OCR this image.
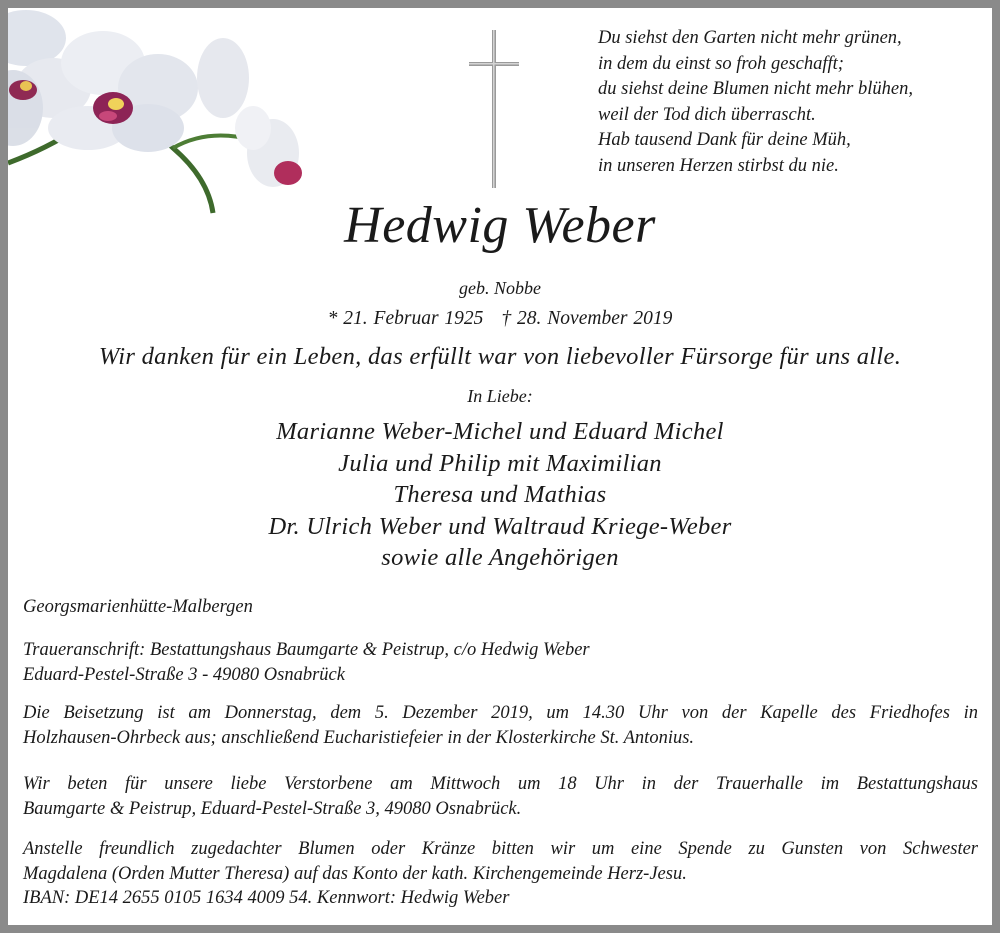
Du siehst den Garten nicht mehr grünen,
in dem du einst so froh geschafft;
du siehst deine Blumen nicht mehr blühen,
weil der Tod dich überrascht.
Hab tausend Dank für deine Müh,
in unseren Herzen stirbst du nie.
Hedwig Weber
geb. Nobbe
* 21. Februar 1925 † 28. November 2019
Wir danken für ein Leben, das erfüllt war von liebevoller Fürsorge für uns alle.
In Liebe:
Marianne Weber-Michel und Eduard Michel
Julia und Philip mit Maximilian
Theresa und Mathias
Dr. Ulrich Weber und Waltraud Kriege-Weber
sowie alle Angehörigen
Georgsmarienhütte-Malbergen
Traueranschrift: Bestattungshaus Baumgarte & Peistrup, c/o Hedwig Weber
Eduard-Pestel-Straße 3 - 49080 Osnabrück
Die Beisetzung ist am Donnerstag, dem 5. Dezember 2019, um 14.30 Uhr von der Kapelle des Friedhofes in
Holzhausen-Ohrbeck aus; anschließend Eucharistiefeier in der Klosterkirche St. Antonius.
Wir beten für unsere liebe Verstorbene am Mittwoch um 18 Uhr in der Trauerhalle im Bestattungshaus
Baumgarte & Peistrup, Eduard-Pestel-Straße 3, 49080 Osnabrück.
Anstelle freundlich zugedachter Blumen oder Kränze bitten wir um eine Spende zu Gunsten von Schwester
Magdalena (Orden Mutter Theresa) auf das Konto der kath. Kirchengemeinde Herz-Jesu.
IBAN: DE14 2655 0105 1634 4009 54. Kennwort: Hedwig Weber
